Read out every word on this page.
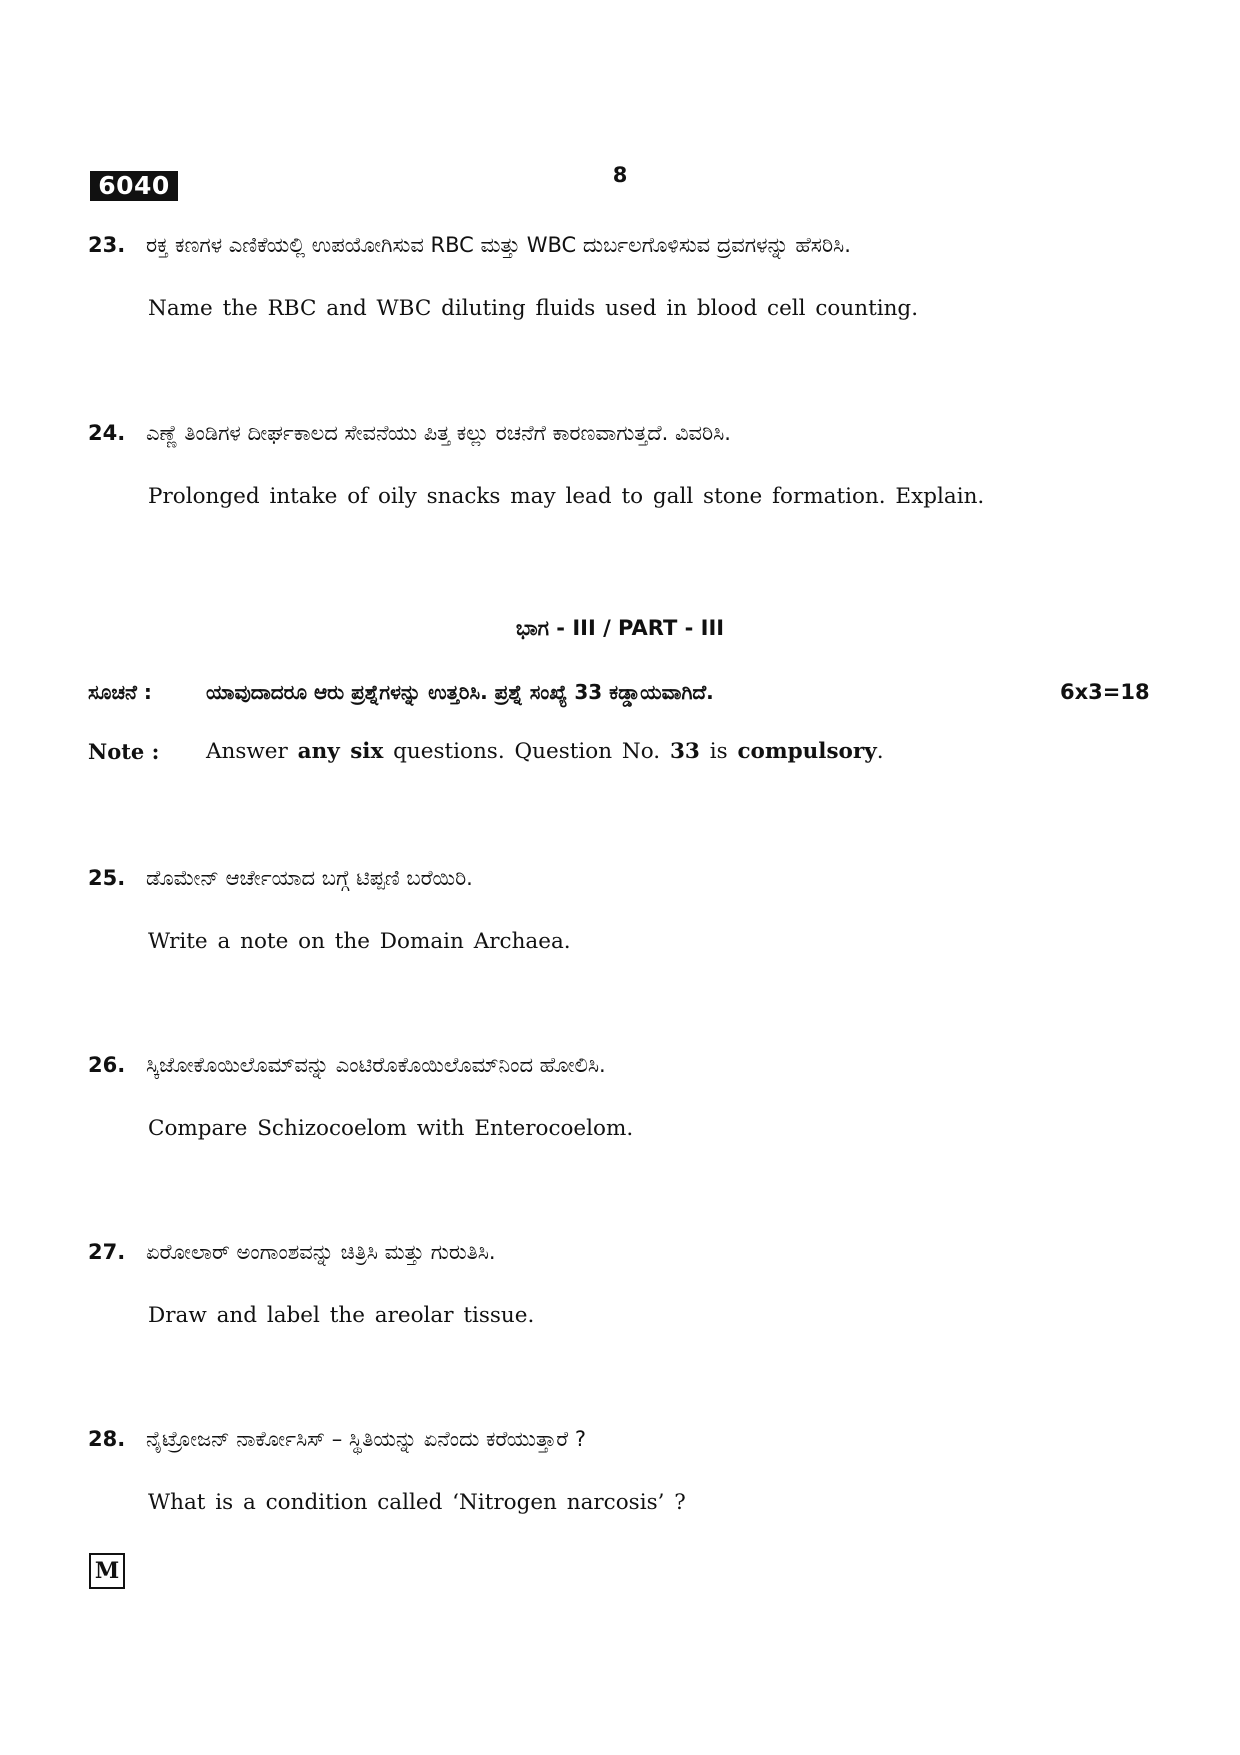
6040	8
23. ರಕ್ತ ಕಣಗಳ ಎಣಿಕೆಯಲ್ಲಿ ಉಪಯೋಗಿಸುವ RBC ಮತ್ತು WBC ದುರ್ಬಲಗೊಳಿಸುವ ದ್ರವಗಳನ್ನು ಹೆಸರಿಸಿ.
Name the RBC and WBC diluting fluids used in blood cell counting.
24. ಎಣ್ಣೆ ತಿಂಡಿಗಳ ದೀರ್ಘಕಾಲದ ಸೇವನೆಯು ಪಿತ್ತ ಕಲ್ಲು ರಚನೆಗೆ ಕಾರಣವಾಗುತ್ತದೆ. ವಿವರಿಸಿ.
Prolonged intake of oily snacks may lead to gall stone formation. Explain.
ಭಾಗ - III / PART - III
ಸೂಚನೆ :	ಯಾವುದಾದರೂ ಆರು ಪ್ರಶ್ನೆಗಳನ್ನು ಉತ್ತರಿಸಿ. ಪ್ರಶ್ನೆ ಸಂಖ್ಯೆ 33 ಕಡ್ಡಾಯವಾಗಿದೆ.	6x3=18
Note : Answer any six questions. Question No. 33 is compulsory.
25. ಡೊಮೇನ್ ಆರ್ಚೇಯಾದ ಬಗ್ಗೆ ಟಿಪ್ಪಣಿ ಬರೆಯಿರಿ.
Write a note on the Domain Archaea.
26. ಸ್ಕಿಜೋಕೊಯಿಲೊಮ್‌ವನ್ನು ಎಂಟಿರೊಕೊಯಿಲೊಮ್‌ನಿಂದ ಹೋಲಿಸಿ.
Compare Schizocoelom with Enterocoelom.
27. ಏರೋಲಾರ್ ಅಂಗಾಂಶವನ್ನು ಚಿತ್ರಿಸಿ ಮತ್ತು ಗುರುತಿಸಿ.
Draw and label the areolar tissue.
28. ನೈಟ್ರೋಜನ್ ನಾರ್ಕೋಸಿಸ್ – ಸ್ಥಿತಿಯನ್ನು ಏನೆಂದು ಕರೆಯುತ್ತಾರೆ ?
What is a condition called ‘Nitrogen narcosis’ ?
M
